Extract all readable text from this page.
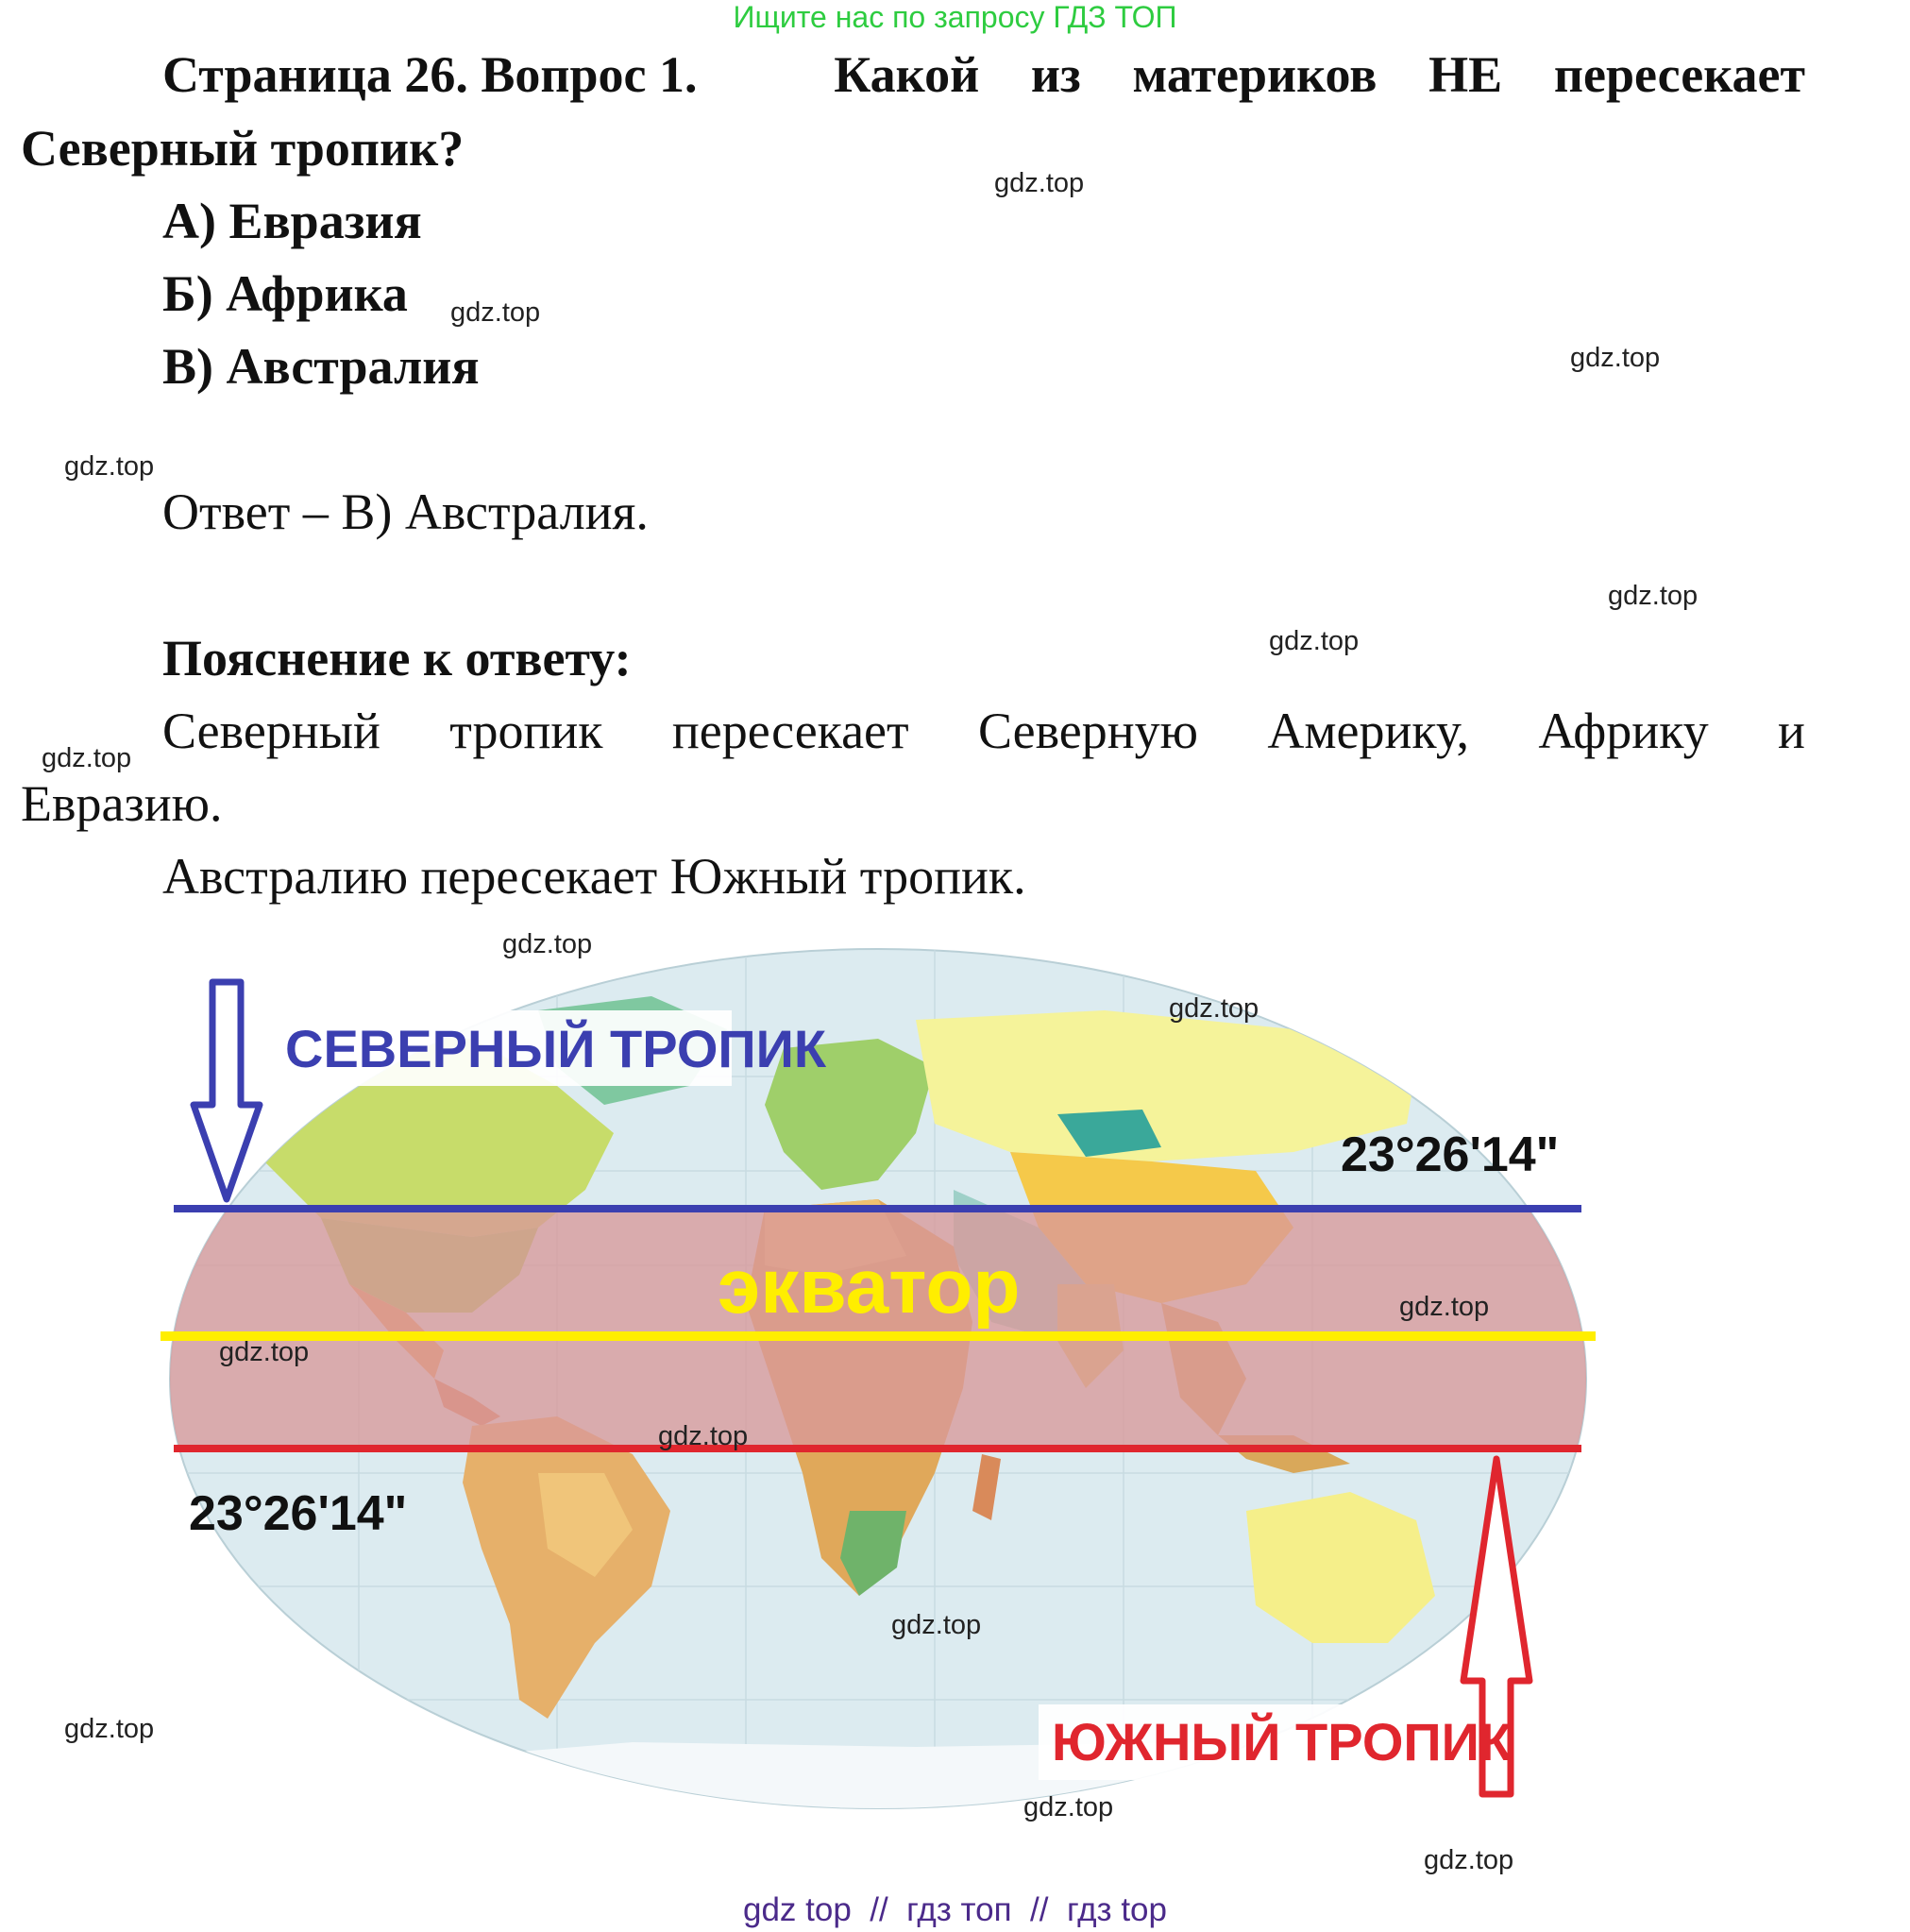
Ищите нас по запросу ГДЗ ТОП
Страница 26. Вопрос 1.	Какой из материков НЕ пересекает
Северный тропик?
А) Евразия
Б) Африка
В) Австралия
Ответ – В) Австралия.
Пояснение к ответу:
Северный тропик пересекает Северную Америку, Африку и
Евразию.
Австралию пересекает Южный тропик.
СЕВЕРНЫЙ ТРОПИК
ЮЖНЫЙ ТРОПИК
экватор
23°26'14"
23°26'14"
gdz.top
gdz.top
gdz.top
gdz.top
gdz.top
gdz.top
gdz.top
gdz.top
gdz.top
gdz.top
gdz.top
gdz.top
gdz.top
gdz.top
gdz.top
gdz.top
gdz top  //  гдз топ  //  гдз top
